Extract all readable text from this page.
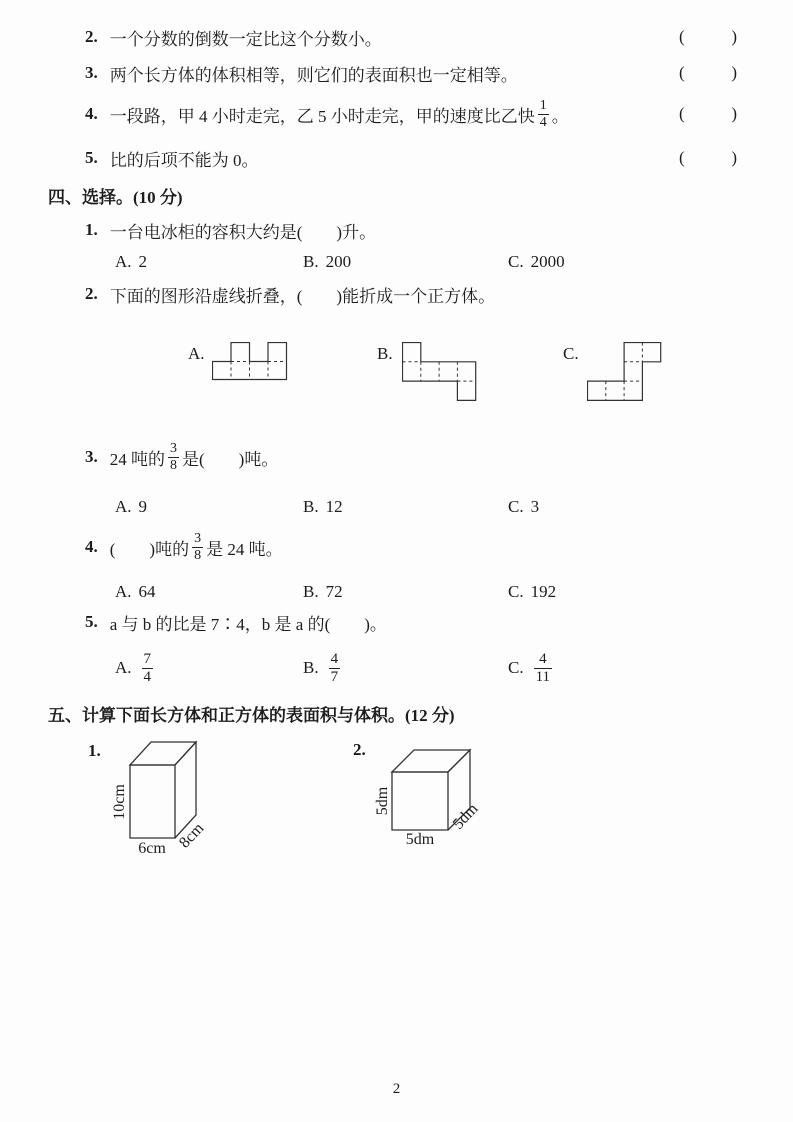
2. 一个分数的倒数一定比这个分数小。	(	)
3. 两个长方体的体积相等，则它们的表面积也一定相等。	(	)
4. 一段路，甲 4 小时走完，乙 5 小时走完，甲的速度比乙快 $\frac{1}{4}$ 。	(	)
5. 比的后项不能为 0。	(	)
四、选择。(10 分)
1. 一台电冰柜的容积大约是(　　)升。
A. 2	B. 200	C. 2000
2. 下面的图形沿虚线折叠，(　　)能折成一个正方体。
A.	B.	C.
3. 24 吨的 $\frac{3}{8}$ 是(　　)吨。
A. 9	B. 12	C. 3
4. (　　)吨的 $\frac{3}{8}$ 是 24 吨。
A. 64	B. 72	C. 192
5. a 与 b 的比是 7∶4，b 是 a 的(　　)。
A. $\frac{7}{4}$	B. $\frac{4}{7}$	C. $\frac{4}{11}$
五、计算下面长方体和正方体的表面积与体积。(12 分)
1.
10cm
6cm 8cm
2.
5dm
5dm
5dm
2
